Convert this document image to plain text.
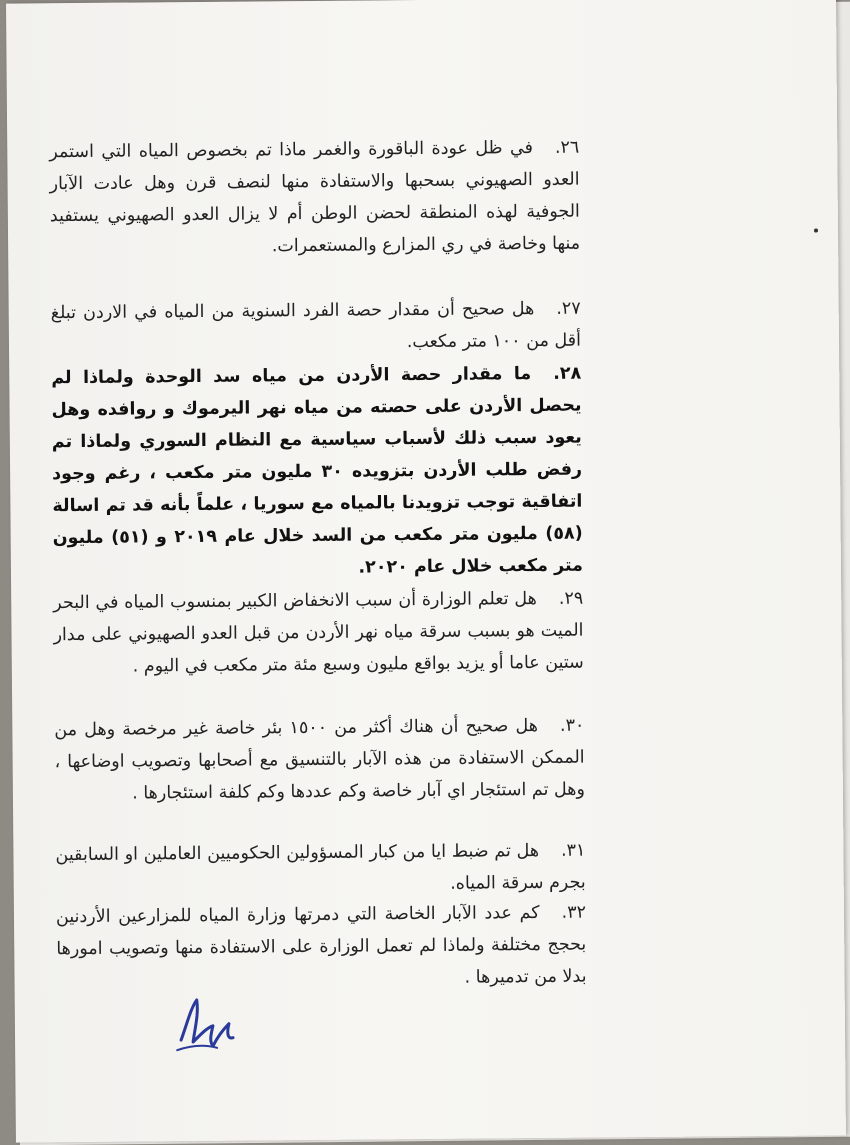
٢٦.في ظل عودة الباقورة والغمر ماذا تم بخصوص المياه التي استمر العدو الصهيوني بسحبها والاستفادة منها لنصف قرن وهل عادت الآبار الجوفية لهذه المنطقة لحضن الوطن أم لا يزال العدو الصهيوني يستفيد منها وخاصة في ري المزارع والمستعمرات.

٢٧.هل صحيح أن مقدار حصة الفرد السنوية من المياه في الاردن تبلغ أقل من ١٠٠ متر مكعب.

٢٨.ما مقدار حصة الأردن من مياه سد الوحدة ولماذا لم يحصل الأردن على حصته من مياه نهر اليرموك و روافده وهل يعود سبب ذلك لأسباب سياسية مع النظام السوري ولماذا تم رفض طلب الأردن بتزويده ٣٠ مليون متر مكعب ، رغم وجود اتفاقية توجب تزويدنا بالمياه مع سوريا ، علماً بأنه قد تم اسالة (٥٨) مليون متر مكعب من السد خلال عام ٢٠١٩ و (٥١) مليون متر مكعب خلال عام ٢٠٢٠.

٢٩.هل تعلم الوزارة أن سبب الانخفاض الكبير بمنسوب المياه في البحر الميت هو بسبب سرقة مياه نهر الأردن من قبل العدو الصهيوني على مدار ستين عاما أو يزيد بواقع مليون وسبع مئة متر مكعب في اليوم .

٣٠.هل صحيح أن هناك أكثر من ١٥٠٠ بئر خاصة غير مرخصة وهل من الممكن الاستفادة من هذه الآبار بالتنسيق مع أصحابها وتصويب اوضاعها ، وهل تم استئجار اي آبار خاصة وكم عددها وكم كلفة استئجارها .

٣١.هل تم ضبط ايا من كبار المسؤولين الحكوميين العاملين او السابقين بجرم سرقة المياه.

٣٢.كم عدد الآبار الخاصة التي دمرتها وزارة المياه للمزارعين الأردنين بحجج مختلفة ولماذا لم تعمل الوزارة على الاستفادة منها وتصويب امورها بدلا من تدميرها .
